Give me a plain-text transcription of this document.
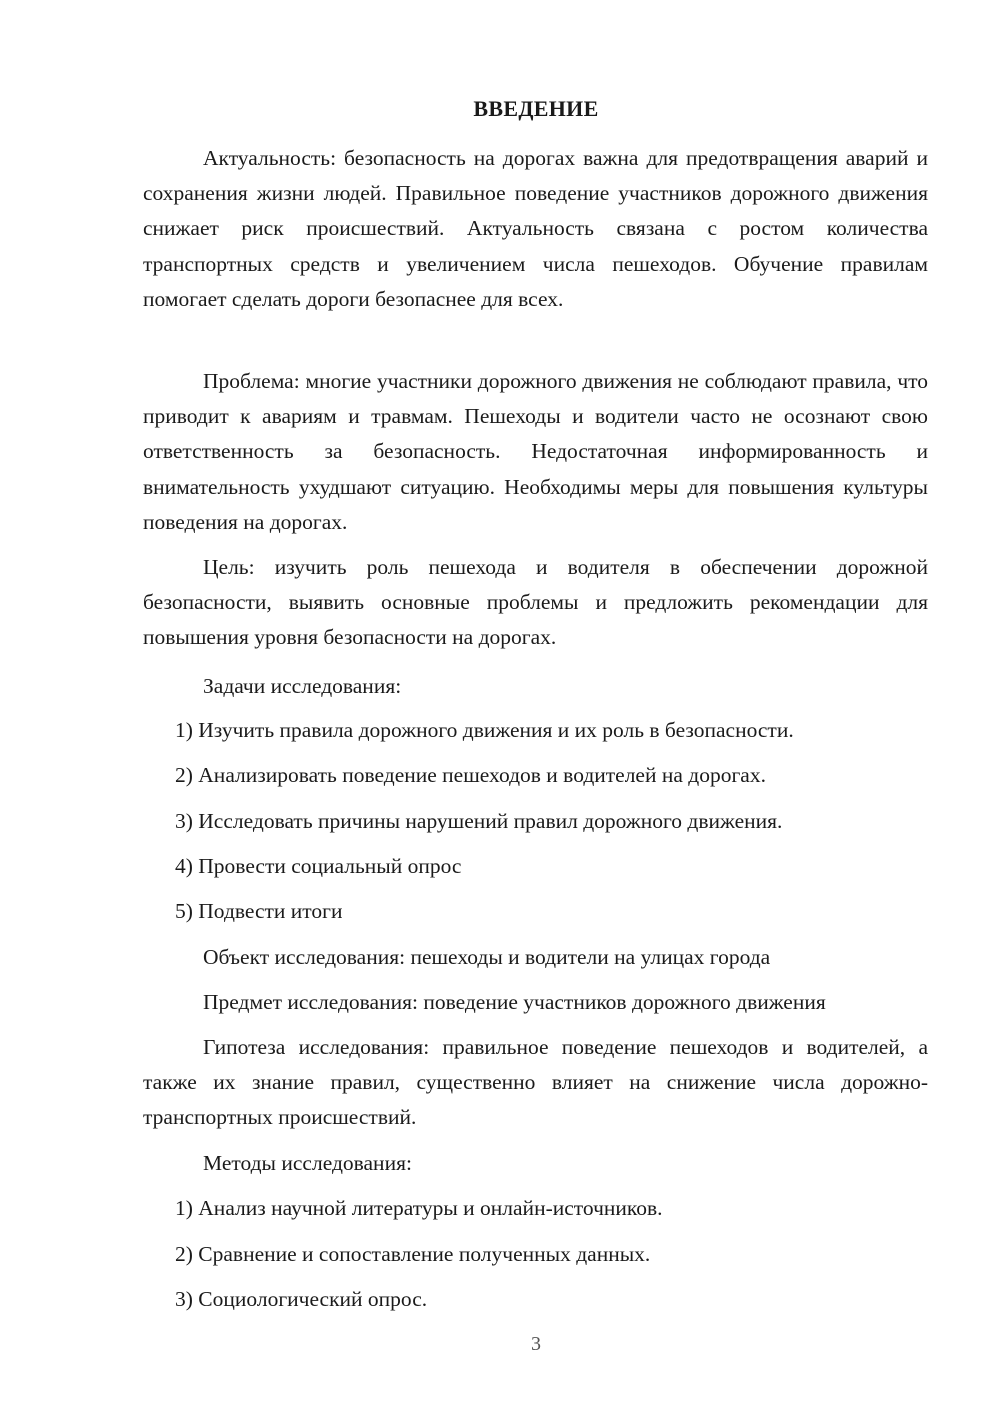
ВВЕДЕНИЕ

Актуальность: безопасность на дорогах важна для предотвращения аварий и сохранения жизни людей. Правильное поведение участников дорожного движения снижает риск происшествий. Актуальность связана с ростом количества транспортных средств и увеличением числа пешеходов. Обучение правилам помогает сделать дороги безопаснее для всех.

Проблема: многие участники дорожного движения не соблюдают правила, что приводит к авариям и травмам. Пешеходы и водители часто не осознают свою ответственность за безопасность. Недостаточная информированность и внимательность ухудшают ситуацию. Необходимы меры для повышения культуры поведения на дорогах.

Цель: изучить роль пешехода и водителя в обеспечении дорожной безопасности, выявить основные проблемы и предложить рекомендации для повышения уровня безопасности на дорогах.

Задачи исследования:

1) Изучить правила дорожного движения и их роль в безопасности.

2) Анализировать поведение пешеходов и водителей на дорогах.

3) Исследовать причины нарушений правил дорожного движения.

4) Провести социальный опрос

5) Подвести итоги

Объект исследования: пешеходы и водители на улицах города

Предмет исследования: поведение участников дорожного движения

Гипотеза исследования: правильное поведение пешеходов и водителей, а также их знание правил, существенно влияет на снижение числа дорожно-транспортных происшествий.

Методы исследования:

1) Анализ научной литературы и онлайн-источников.

2) Сравнение и сопоставление полученных данных.

3) Социологический опрос.

3
